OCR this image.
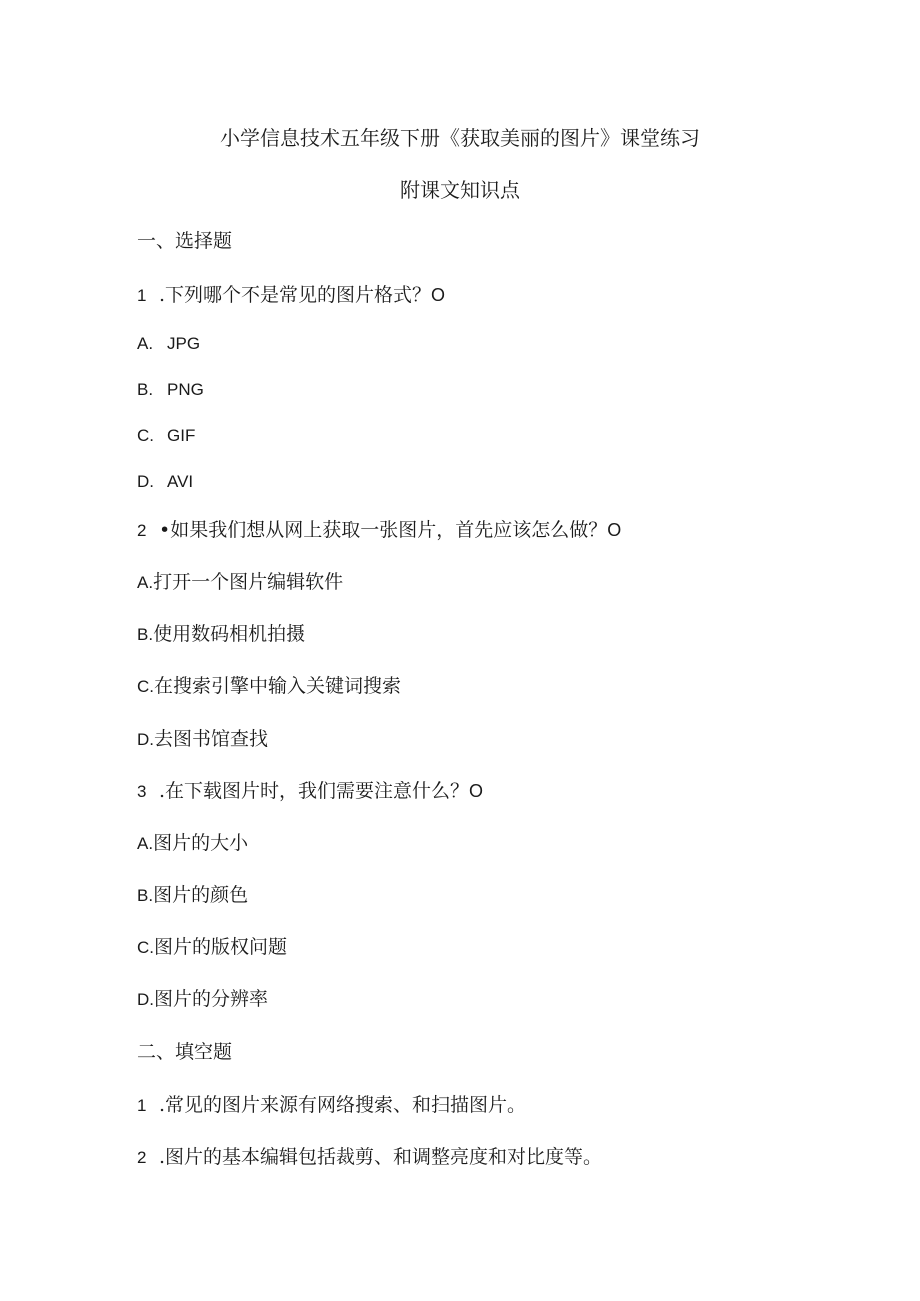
小学信息技术五年级下册《获取美丽的图片》课堂练习
附课文知识点
一、选择题
1 .下列哪个不是常见的图片格式？O
A. JPG
B. PNG
C. GIF
D. AVI
2 •如果我们想从网上获取一张图片，首先应该怎么做？O
A.打开一个图片编辑软件
B.使用数码相机拍摄
C.在搜索引擎中输入关键词搜索
D.去图书馆查找
3 .在下载图片时，我们需要注意什么？O
A.图片的大小
B.图片的颜色
C.图片的版权问题
D.图片的分辨率
二、填空题
1 .常见的图片来源有网络搜索、和扫描图片。
2 .图片的基本编辑包括裁剪、和调整亮度和对比度等。
